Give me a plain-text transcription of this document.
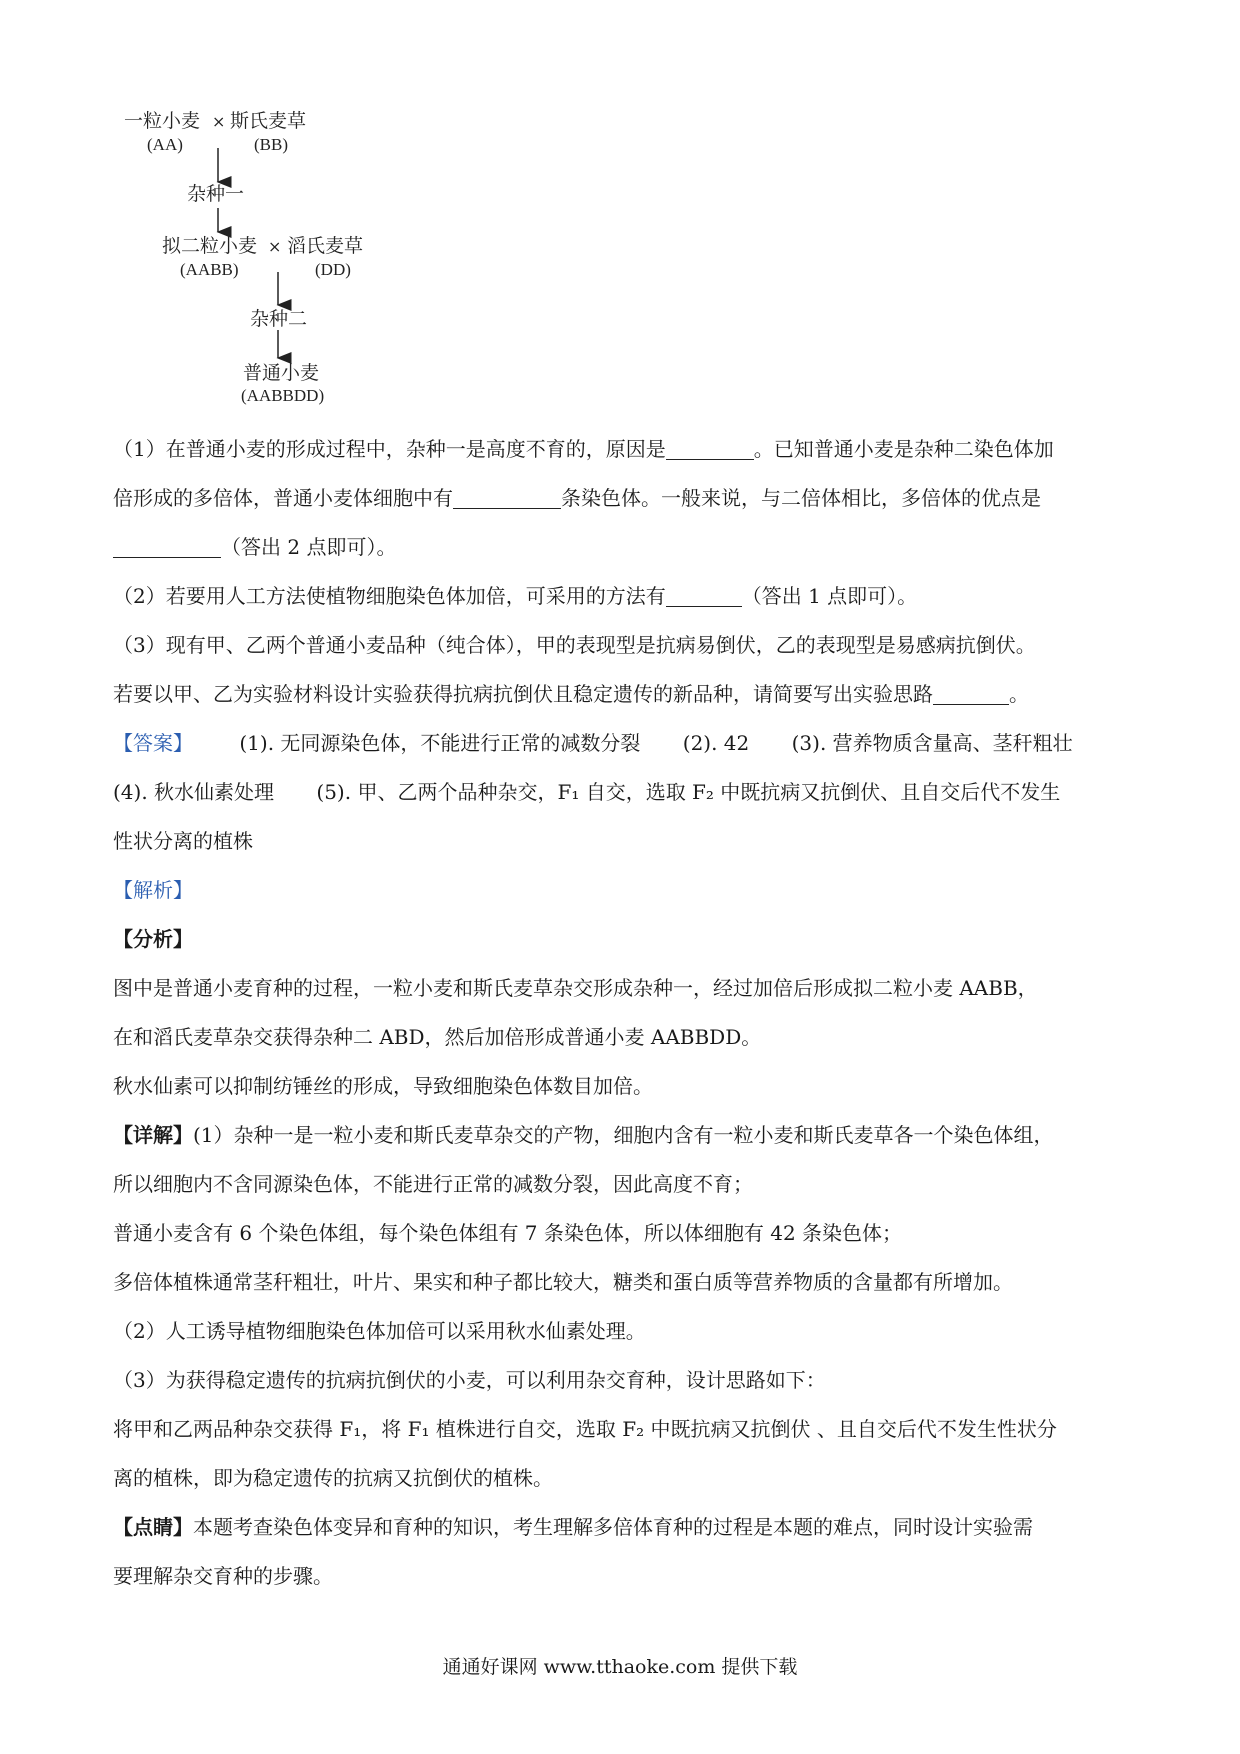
一粒小麦 × 斯氏麦草
(AA)	(BB)
杂种一
拟二粒小麦 × 滔氏麦草
(AABB)	(DD)
杂种二
普通小麦
(AABBDD)
（1）在普通小麦的形成过程中，杂种一是高度不育的，原因是	。已知普通小麦是杂种二染色体加
倍形成的多倍体，普通小麦体细胞中有	条染色体。一般来说，与二倍体相比，多倍体的优点是
（答出 2 点即可）。
（2）若要用人工方法使植物细胞染色体加倍，可采用的方法有	（答出 1 点即可）。
（3）现有甲、乙两个普通小麦品种（纯合体），甲的表现型是抗病易倒伏，乙的表现型是易感病抗倒伏。
若要以甲、乙为实验材料设计实验获得抗病抗倒伏且稳定遗传的新品种，请简要写出实验思路	。
【答案】 (1). 无同源染色体，不能进行正常的减数分裂 (2). 42 (3). 营养物质含量高、茎秆粗壮
(4). 秋水仙素处理 (5). 甲、乙两个品种杂交，F₁ 自交，选取 F₂ 中既抗病又抗倒伏、且自交后代不发生
性状分离的植株
【解析】
【分析】
图中是普通小麦育种的过程，一粒小麦和斯氏麦草杂交形成杂种一，经过加倍后形成拟二粒小麦 AABB，
在和滔氏麦草杂交获得杂种二 ABD，然后加倍形成普通小麦 AABBDD。
秋水仙素可以抑制纺锤丝的形成，导致细胞染色体数目加倍。
【详解】(1）杂种一是一粒小麦和斯氏麦草杂交的产物，细胞内含有一粒小麦和斯氏麦草各一个染色体组，
所以细胞内不含同源染色体，不能进行正常的减数分裂，因此高度不育；
普通小麦含有 6 个染色体组，每个染色体组有 7 条染色体，所以体细胞有 42 条染色体；
多倍体植株通常茎秆粗壮，叶片、果实和种子都比较大，糖类和蛋白质等营养物质的含量都有所增加。
（2）人工诱导植物细胞染色体加倍可以采用秋水仙素处理。
（3）为获得稳定遗传的抗病抗倒伏的小麦，可以利用杂交育种，设计思路如下：
将甲和乙两品种杂交获得 F₁，将 F₁ 植株进行自交，选取 F₂ 中既抗病又抗倒伏 、且自交后代不发生性状分
离的植株，即为稳定遗传的抗病又抗倒伏的植株。
【点睛】本题考查染色体变异和育种的知识，考生理解多倍体育种的过程是本题的难点，同时设计实验需
要理解杂交育种的步骤。
通通好课网 www.tthaoke.com 提供下载
